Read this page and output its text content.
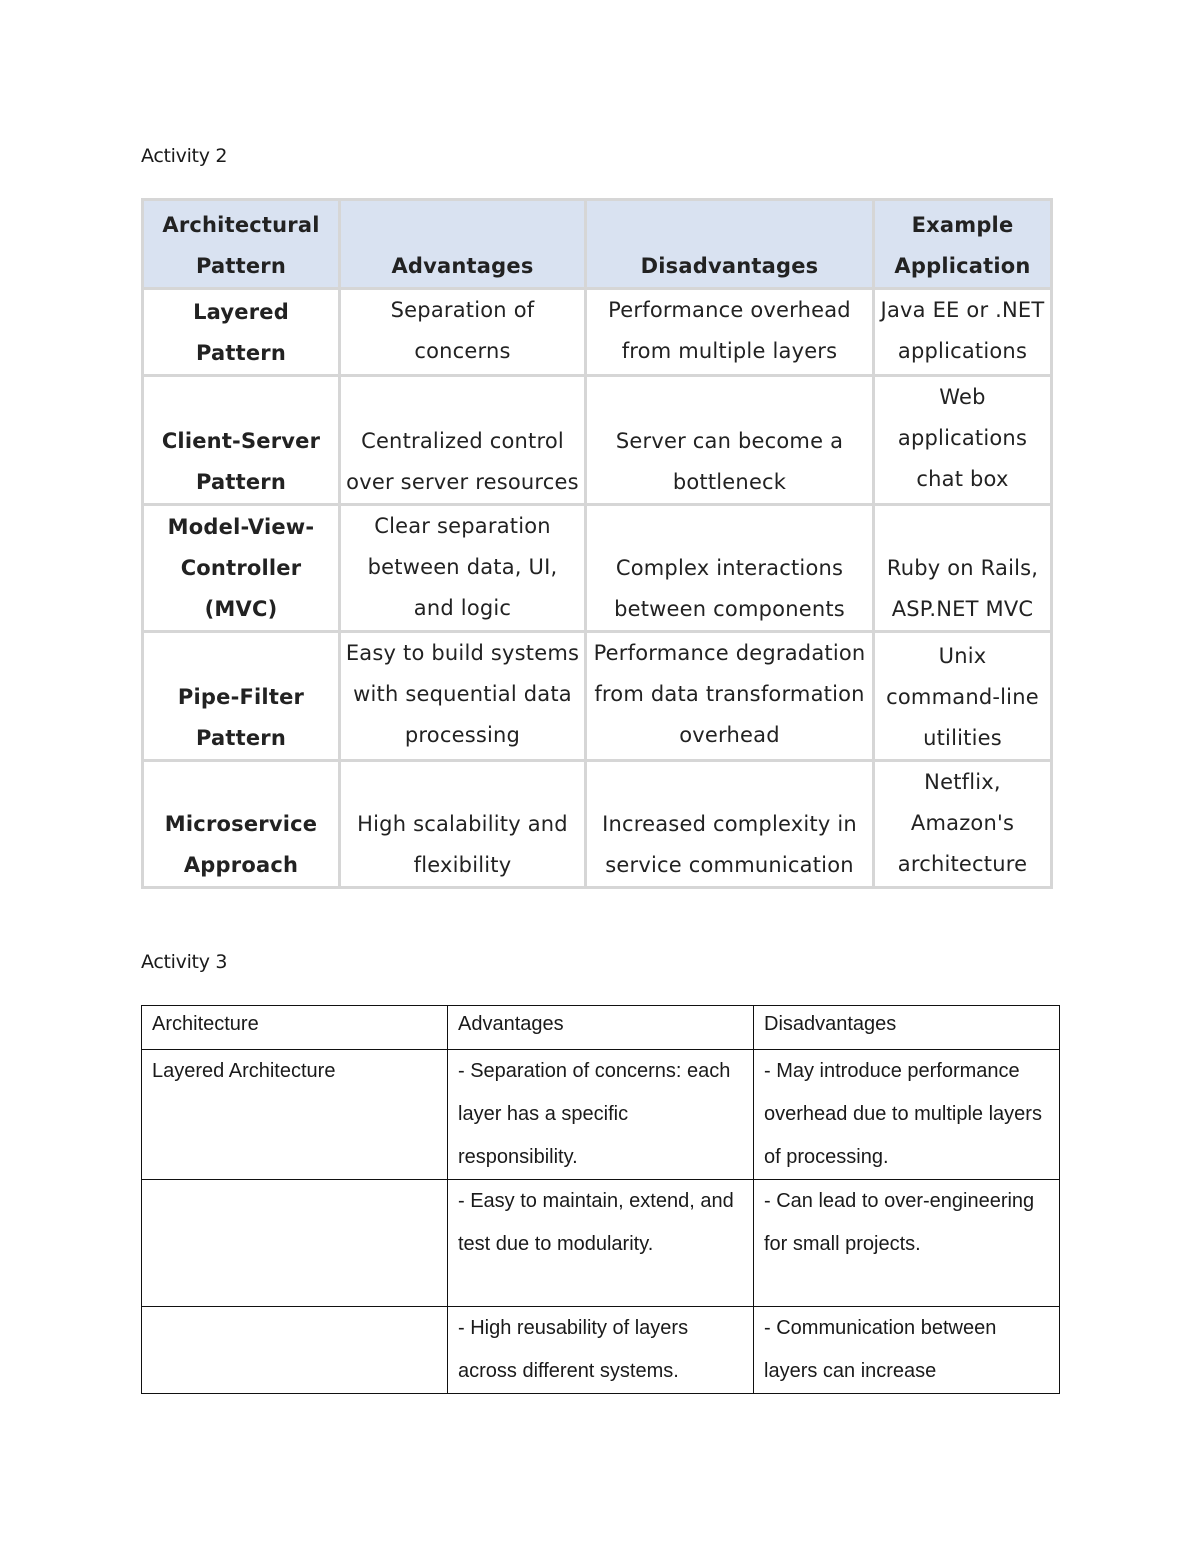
Activity 2
Architectural Pattern	Advantages	Disadvantages	Example Application
Layered Pattern	Separation of concerns	Performance overhead from multiple layers	Java EE or .NET applications
Client-Server Pattern	Centralized control over server resources	Server can become a bottleneck	Web applications chat box
Model-View-Controller (MVC)	Clear separation between data, UI, and logic	Complex interactions between components	Ruby on Rails, ASP.NET MVC
Pipe-Filter Pattern	Easy to build systems with sequential data processing	Performance degradation from data transformation overhead	Unix command-line utilities
Microservice Approach	High scalability and flexibility	Increased complexity in service communication	Netflix, Amazon's architecture
Activity 3
Architecture	Advantages	Disadvantages
Layered Architecture	- Separation of concerns: each layer has a specific responsibility.	- May introduce performance overhead due to multiple layers of processing.
	- Easy to maintain, extend, and test due to modularity.	- Can lead to over-engineering for small projects.
	- High reusability of layers across different systems.	- Communication between layers can increase
